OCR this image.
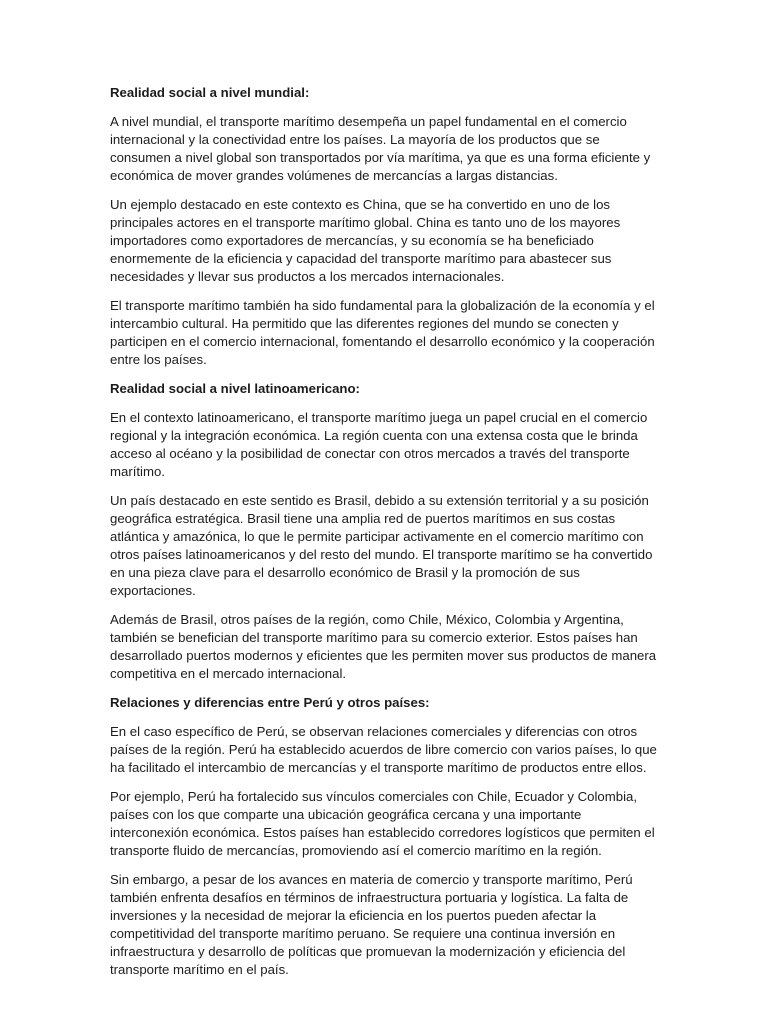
Realidad social a nivel mundial:

A nivel mundial, el transporte marítimo desempeña un papel fundamental en el comercio internacional y la conectividad entre los países. La mayoría de los productos que se consumen a nivel global son transportados por vía marítima, ya que es una forma eficiente y económica de mover grandes volúmenes de mercancías a largas distancias.

Un ejemplo destacado en este contexto es China, que se ha convertido en uno de los principales actores en el transporte marítimo global. China es tanto uno de los mayores importadores como exportadores de mercancías, y su economía se ha beneficiado enormemente de la eficiencia y capacidad del transporte marítimo para abastecer sus necesidades y llevar sus productos a los mercados internacionales.

El transporte marítimo también ha sido fundamental para la globalización de la economía y el intercambio cultural. Ha permitido que las diferentes regiones del mundo se conecten y participen en el comercio internacional, fomentando el desarrollo económico y la cooperación entre los países.

Realidad social a nivel latinoamericano:

En el contexto latinoamericano, el transporte marítimo juega un papel crucial en el comercio regional y la integración económica. La región cuenta con una extensa costa que le brinda acceso al océano y la posibilidad de conectar con otros mercados a través del transporte marítimo.

Un país destacado en este sentido es Brasil, debido a su extensión territorial y a su posición geográfica estratégica. Brasil tiene una amplia red de puertos marítimos en sus costas atlántica y amazónica, lo que le permite participar activamente en el comercio marítimo con otros países latinoamericanos y del resto del mundo. El transporte marítimo se ha convertido en una pieza clave para el desarrollo económico de Brasil y la promoción de sus exportaciones.

Además de Brasil, otros países de la región, como Chile, México, Colombia y Argentina, también se benefician del transporte marítimo para su comercio exterior. Estos países han desarrollado puertos modernos y eficientes que les permiten mover sus productos de manera competitiva en el mercado internacional.

Relaciones y diferencias entre Perú y otros países:

En el caso específico de Perú, se observan relaciones comerciales y diferencias con otros países de la región. Perú ha establecido acuerdos de libre comercio con varios países, lo que ha facilitado el intercambio de mercancías y el transporte marítimo de productos entre ellos.

Por ejemplo, Perú ha fortalecido sus vínculos comerciales con Chile, Ecuador y Colombia, países con los que comparte una ubicación geográfica cercana y una importante interconexión económica. Estos países han establecido corredores logísticos que permiten el transporte fluido de mercancías, promoviendo así el comercio marítimo en la región.

Sin embargo, a pesar de los avances en materia de comercio y transporte marítimo, Perú también enfrenta desafíos en términos de infraestructura portuaria y logística. La falta de inversiones y la necesidad de mejorar la eficiencia en los puertos pueden afectar la competitividad del transporte marítimo peruano. Se requiere una continua inversión en infraestructura y desarrollo de políticas que promuevan la modernización y eficiencia del transporte marítimo en el país.
